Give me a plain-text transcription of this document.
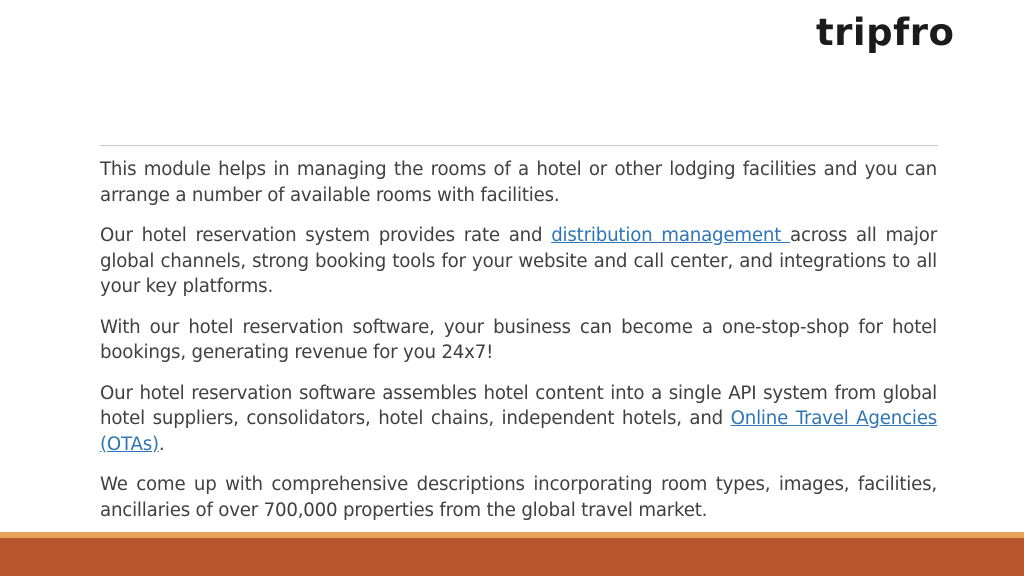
tripfro

This module helps in managing the rooms of a hotel or other lodging facilities and you can arrange a number of available rooms with facilities.

Our hotel reservation system provides rate and distribution management across all major global channels, strong booking tools for your website and call center, and integrations to all your key platforms.

With our hotel reservation software, your business can become a one-stop-shop for hotel bookings, generating revenue for you 24x7!

Our hotel reservation software assembles hotel content into a single API system from global hotel suppliers, consolidators, hotel chains, independent hotels, and Online Travel Agencies (OTAs).

We come up with comprehensive descriptions incorporating room types, images, facilities, ancillaries of over 700,000 properties from the global travel market.
